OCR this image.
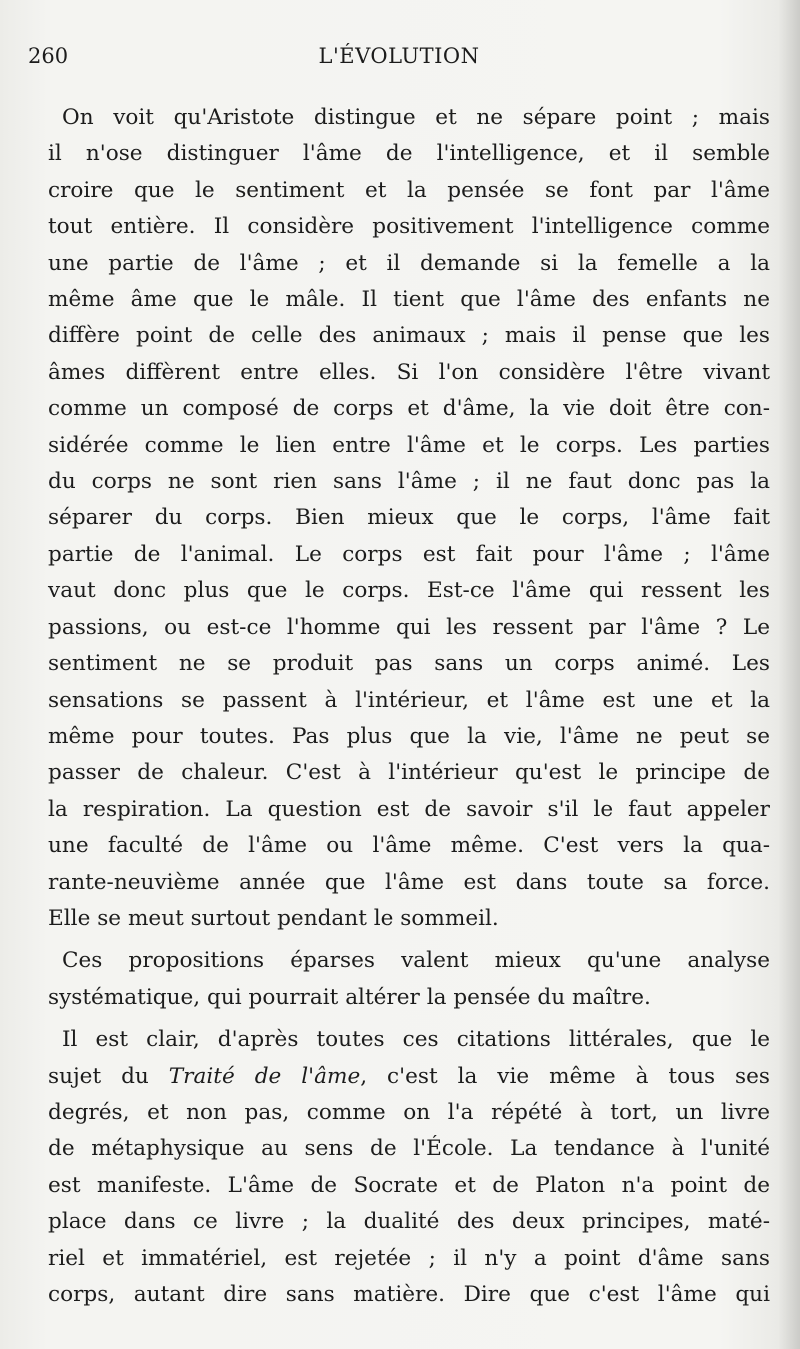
260	L'ÉVOLUTION
On voit qu'Aristote distingue et ne sépare point ; mais
il n'ose distinguer l'âme de l'intelligence, et il semble
croire que le sentiment et la pensée se font par l'âme
tout entière. Il considère positivement l'intelligence comme
une partie de l'âme ; et il demande si la femelle a la
même âme que le mâle. Il tient que l'âme des enfants ne
diffère point de celle des animaux ; mais il pense que les
âmes diffèrent entre elles. Si l'on considère l'être vivant
comme un composé de corps et d'âme, la vie doit être con-
sidérée comme le lien entre l'âme et le corps. Les parties
du corps ne sont rien sans l'âme ; il ne faut donc pas la
séparer du corps. Bien mieux que le corps, l'âme fait
partie de l'animal. Le corps est fait pour l'âme ; l'âme
vaut donc plus que le corps. Est-ce l'âme qui ressent les
passions, ou est-ce l'homme qui les ressent par l'âme ? Le
sentiment ne se produit pas sans un corps animé. Les
sensations se passent à l'intérieur, et l'âme est une et la
même pour toutes. Pas plus que la vie, l'âme ne peut se
passer de chaleur. C'est à l'intérieur qu'est le principe de
la respiration. La question est de savoir s'il le faut appeler
une faculté de l'âme ou l'âme même. C'est vers la qua-
rante-neuvième année que l'âme est dans toute sa force.
Elle se meut surtout pendant le sommeil.
Ces propositions éparses valent mieux qu'une analyse
systématique, qui pourrait altérer la pensée du maître.
Il est clair, d'après toutes ces citations littérales, que le
sujet du Traité de l'âme, c'est la vie même à tous ses
degrés, et non pas, comme on l'a répété à tort, un livre
de métaphysique au sens de l'École. La tendance à l'unité
est manifeste. L'âme de Socrate et de Platon n'a point de
place dans ce livre ; la dualité des deux principes, maté-
riel et immatériel, est rejetée ; il n'y a point d'âme sans
corps, autant dire sans matière. Dire que c'est l'âme qui
